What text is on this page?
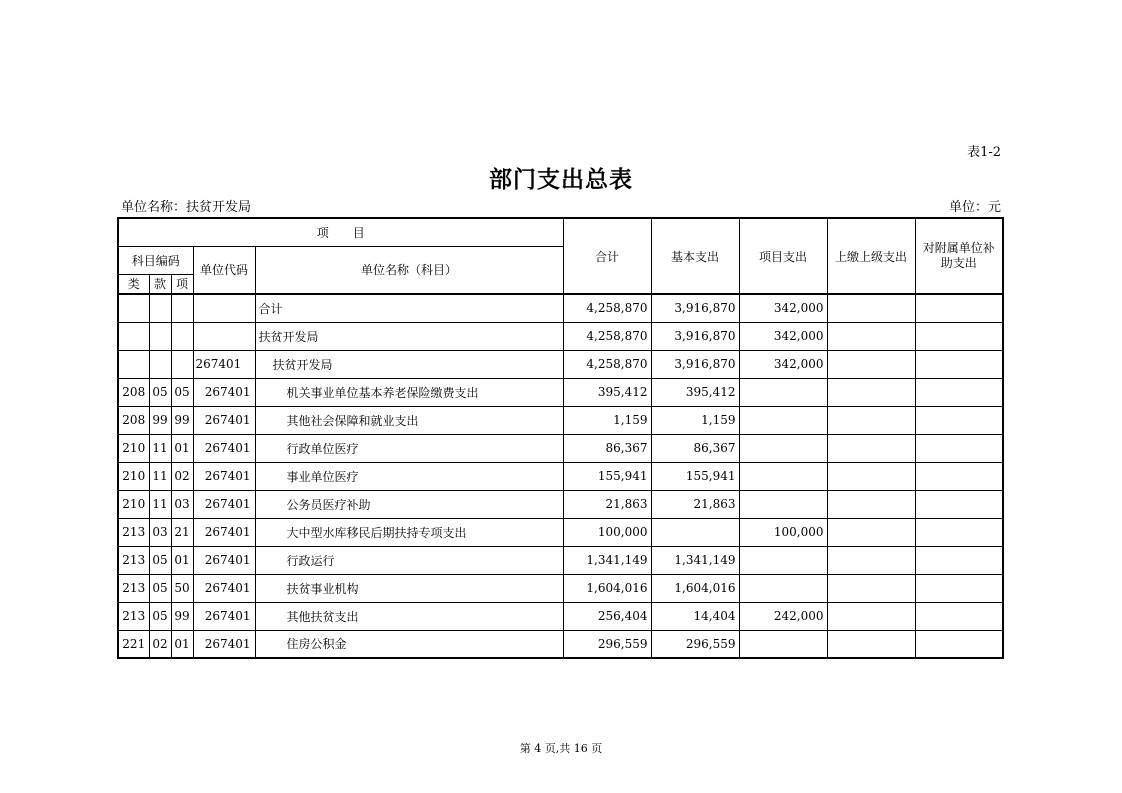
表1-2
部门支出总表
单位名称：扶贫开发局	单位：元
项　　目					合计	基本支出	项目支出	上缴上级支出	对附属单位补助支出
科目编码			单位代码	单位名称（科目）					
类	款	项							
				合计	4,258,870	3,916,870	342,000		
				扶贫开发局	4,258,870	3,916,870	342,000		
			267401	扶贫开发局	4,258,870	3,916,870	342,000		
208	05	05	267401	机关事业单位基本养老保险缴费支出	395,412	395,412			
208	99	99	267401	其他社会保障和就业支出	1,159	1,159			
210	11	01	267401	行政单位医疗	86,367	86,367			
210	11	02	267401	事业单位医疗	155,941	155,941			
210	11	03	267401	公务员医疗补助	21,863	21,863			
213	03	21	267401	大中型水库移民后期扶持专项支出	100,000		100,000		
213	05	01	267401	行政运行	1,341,149	1,341,149			
213	05	50	267401	扶贫事业机构	1,604,016	1,604,016			
213	05	99	267401	其他扶贫支出	256,404	14,404	242,000		
221	02	01	267401	住房公积金	296,559	296,559			
第 4 页,共 16 页
